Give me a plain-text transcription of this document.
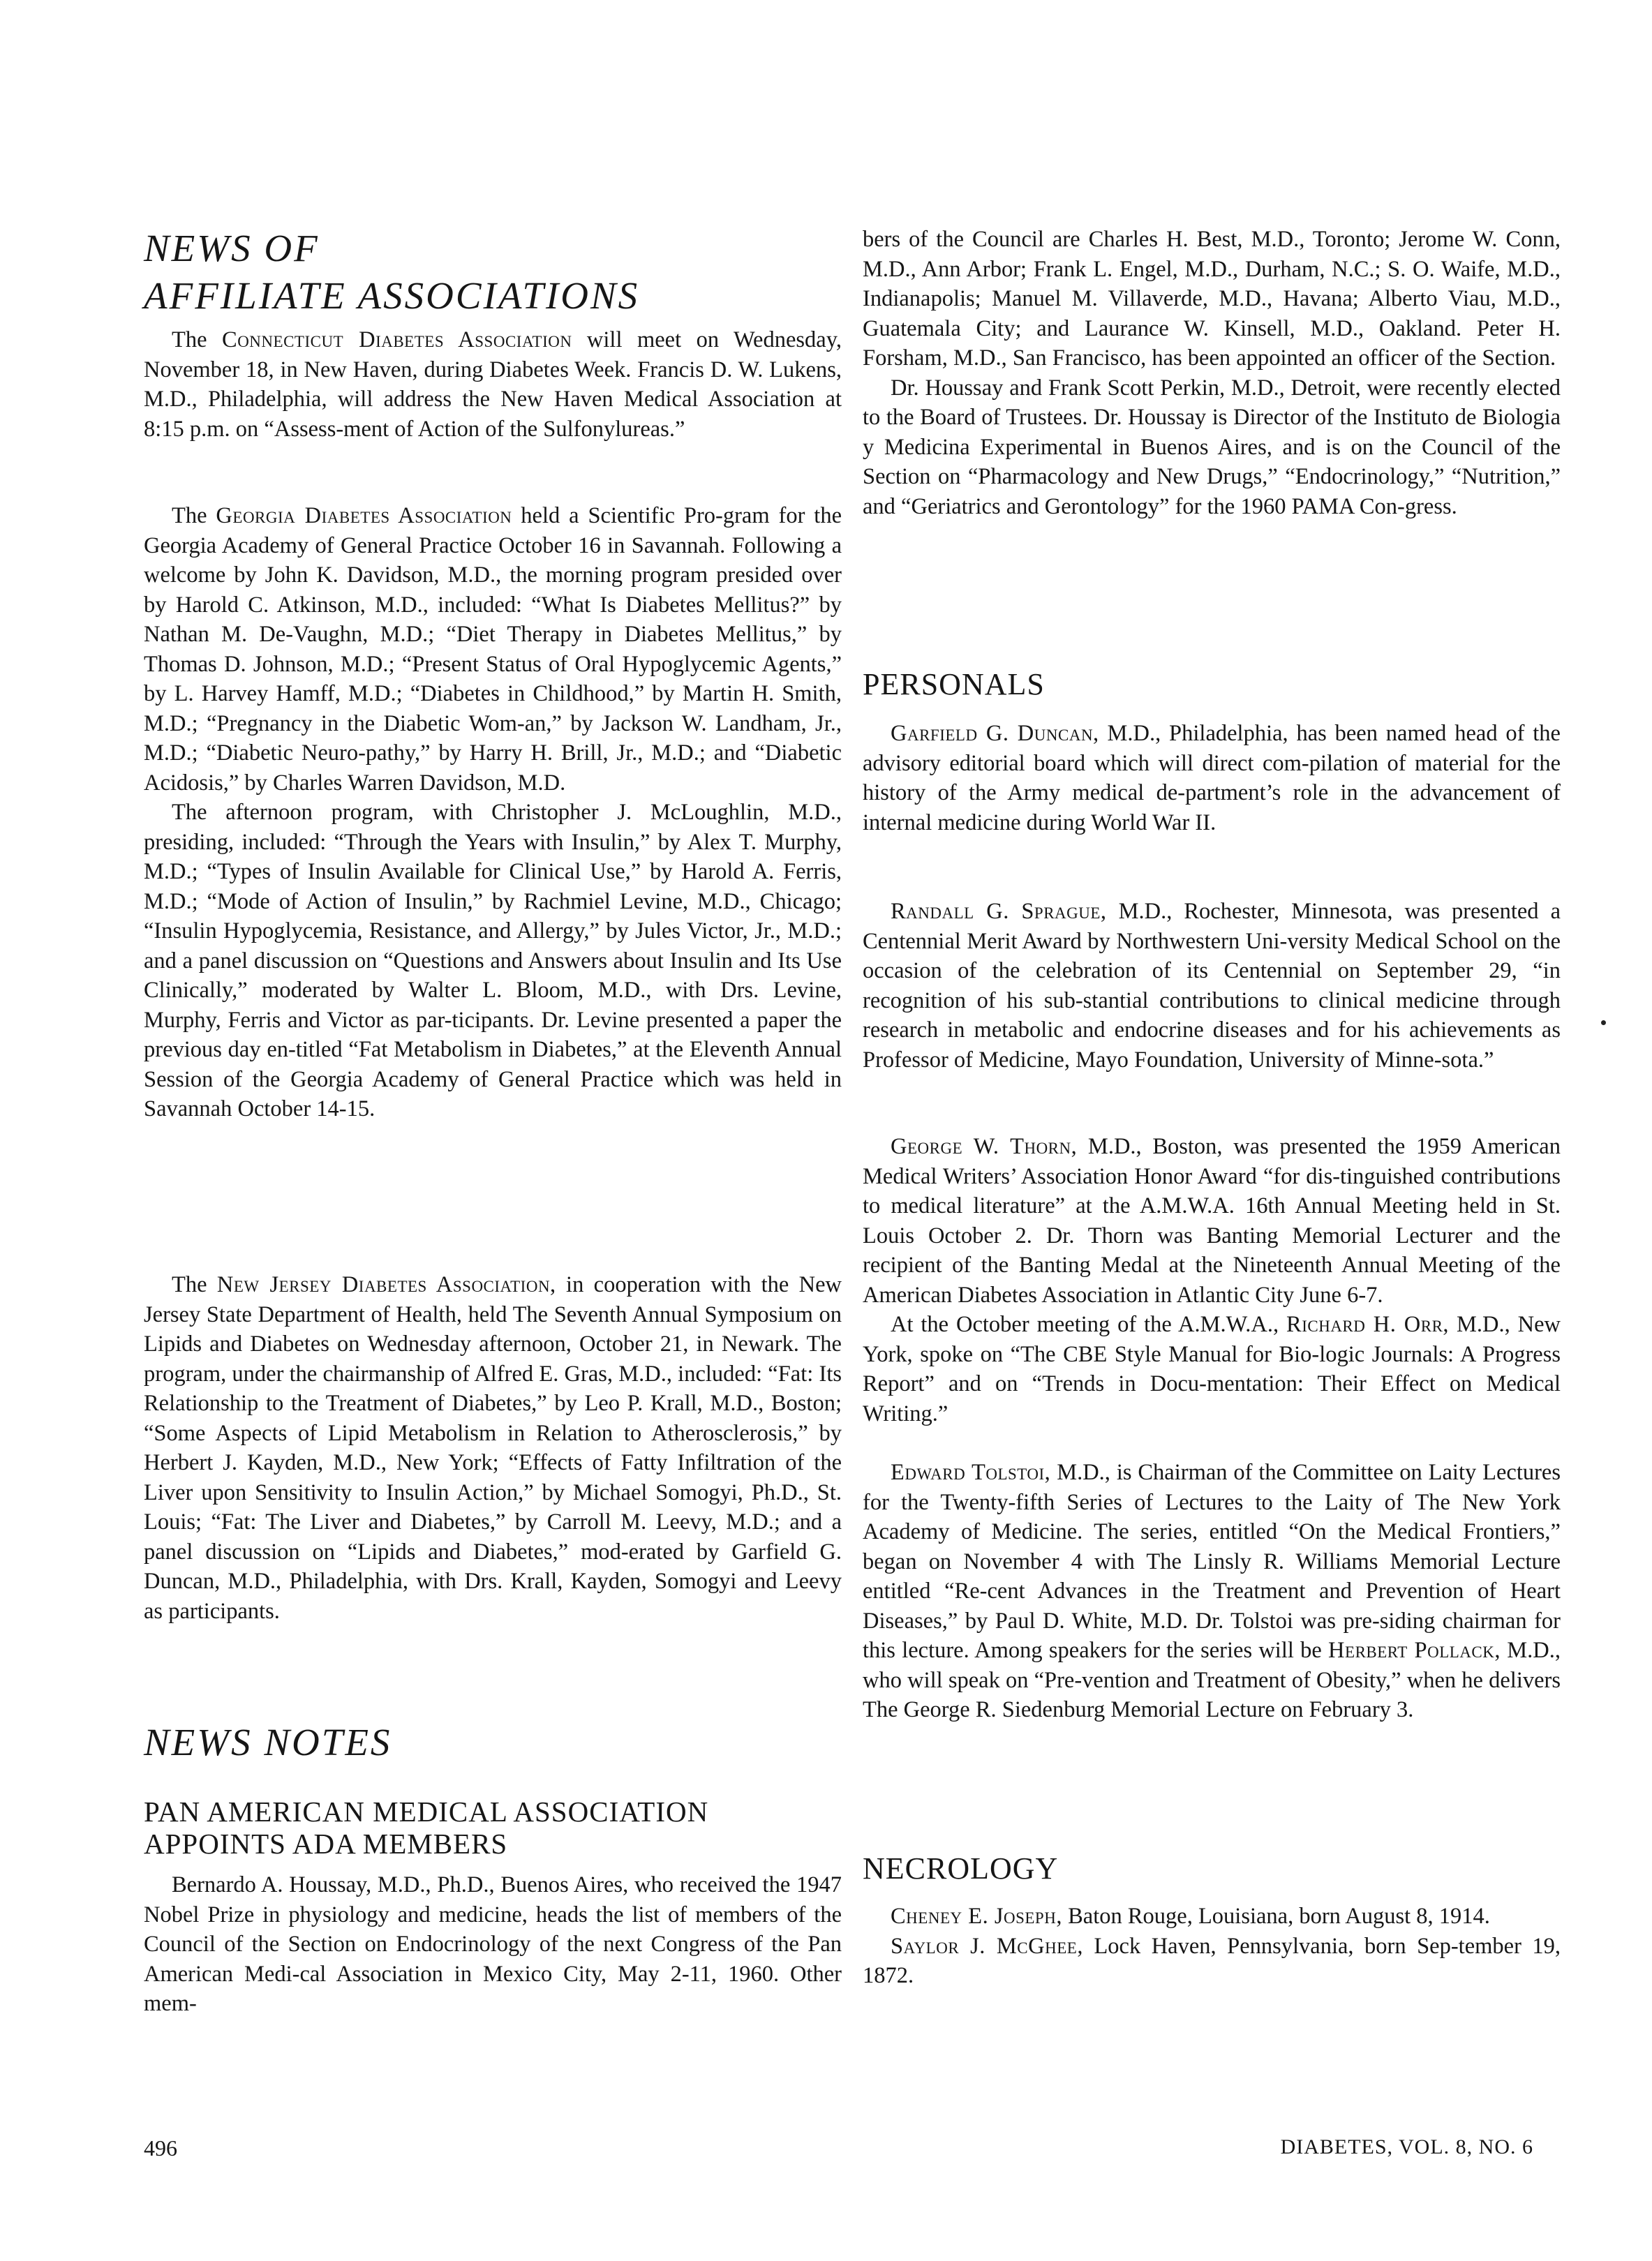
NEWS OF
AFFILIATE ASSOCIATIONS

The Connecticut Diabetes Association will meet on Wednesday, November 18, in New Haven, during Diabetes Week. Francis D. W. Lukens, M.D., Philadelphia, will address the New Haven Medical Association at 8:15 p.m. on “Assess-ment of Action of the Sulfonylureas.”

The Georgia Diabetes Association held a Scientific Pro-gram for the Georgia Academy of General Practice October 16 in Savannah. Following a welcome by John K. Davidson, M.D., the morning program presided over by Harold C. Atkinson, M.D., included: “What Is Diabetes Mellitus?” by Nathan M. De-Vaughn, M.D.; “Diet Therapy in Diabetes Mellitus,” by Thomas D. Johnson, M.D.; “Present Status of Oral Hypoglycemic Agents,” by L. Harvey Hamff, M.D.; “Diabetes in Childhood,” by Martin H. Smith, M.D.; “Pregnancy in the Diabetic Wom-an,” by Jackson W. Landham, Jr., M.D.; “Diabetic Neuro-pathy,” by Harry H. Brill, Jr., M.D.; and “Diabetic Acidosis,” by Charles Warren Davidson, M.D.

The afternoon program, with Christopher J. McLoughlin, M.D., presiding, included: “Through the Years with Insulin,” by Alex T. Murphy, M.D.; “Types of Insulin Available for Clinical Use,” by Harold A. Ferris, M.D.; “Mode of Action of Insulin,” by Rachmiel Levine, M.D., Chicago; “Insulin Hypoglycemia, Resistance, and Allergy,” by Jules Victor, Jr., M.D.; and a panel discussion on “Questions and Answers about Insulin and Its Use Clinically,” moderated by Walter L. Bloom, M.D., with Drs. Levine, Murphy, Ferris and Victor as par-ticipants. Dr. Levine presented a paper the previous day en-titled “Fat Metabolism in Diabetes,” at the Eleventh Annual Session of the Georgia Academy of General Practice which was held in Savannah October 14-15.

The New Jersey Diabetes Association, in cooperation with the New Jersey State Department of Health, held The Seventh Annual Symposium on Lipids and Diabetes on Wednesday afternoon, October 21, in Newark. The program, under the chairmanship of Alfred E. Gras, M.D., included: “Fat: Its Relationship to the Treatment of Diabetes,” by Leo P. Krall, M.D., Boston; “Some Aspects of Lipid Metabolism in Relation to Atherosclerosis,” by Herbert J. Kayden, M.D., New York; “Effects of Fatty Infiltration of the Liver upon Sensitivity to Insulin Action,” by Michael Somogyi, Ph.D., St. Louis; “Fat: The Liver and Diabetes,” by Carroll M. Leevy, M.D.; and a panel discussion on “Lipids and Diabetes,” mod-erated by Garfield G. Duncan, M.D., Philadelphia, with Drs. Krall, Kayden, Somogyi and Leevy as participants.

NEWS NOTES
PAN AMERICAN MEDICAL ASSOCIATION
APPOINTS ADA MEMBERS

Bernardo A. Houssay, M.D., Ph.D., Buenos Aires, who received the 1947 Nobel Prize in physiology and medicine, heads the list of members of the Council of the Section on Endocrinology of the next Congress of the Pan American Medi-cal Association in Mexico City, May 2-11, 1960. Other mem-

bers of the Council are Charles H. Best, M.D., Toronto; Jerome W. Conn, M.D., Ann Arbor; Frank L. Engel, M.D., Durham, N.C.; S. O. Waife, M.D., Indianapolis; Manuel M. Villaverde, M.D., Havana; Alberto Viau, M.D., Guatemala City; and Laurance W. Kinsell, M.D., Oakland. Peter H. Forsham, M.D., San Francisco, has been appointed an officer of the Section.

Dr. Houssay and Frank Scott Perkin, M.D., Detroit, were recently elected to the Board of Trustees. Dr. Houssay is Director of the Instituto de Biologia y Medicina Experimental in Buenos Aires, and is on the Council of the Section on “Pharmacology and New Drugs,” “Endocrinology,” “Nutrition,” and “Geriatrics and Gerontology” for the 1960 PAMA Con-gress.

PERSONALS

Garfield G. Duncan, M.D., Philadelphia, has been named head of the advisory editorial board which will direct com-pilation of material for the history of the Army medical de-partment’s role in the advancement of internal medicine during World War II.

Randall G. Sprague, M.D., Rochester, Minnesota, was presented a Centennial Merit Award by Northwestern Uni-versity Medical School on the occasion of the celebration of its Centennial on September 29, “in recognition of his sub-stantial contributions to clinical medicine through research in metabolic and endocrine diseases and for his achievements as Professor of Medicine, Mayo Foundation, University of Minne-sota.”

George W. Thorn, M.D., Boston, was presented the 1959 American Medical Writers’ Association Honor Award “for dis-tinguished contributions to medical literature” at the A.M.W.A. 16th Annual Meeting held in St. Louis October 2. Dr. Thorn was Banting Memorial Lecturer and the recipient of the Banting Medal at the Nineteenth Annual Meeting of the American Diabetes Association in Atlantic City June 6-7.

At the October meeting of the A.M.W.A., Richard H. Orr, M.D., New York, spoke on “The CBE Style Manual for Bio-logic Journals: A Progress Report” and on “Trends in Docu-mentation: Their Effect on Medical Writing.”

Edward Tolstoi, M.D., is Chairman of the Committee on Laity Lectures for the Twenty-fifth Series of Lectures to the Laity of The New York Academy of Medicine. The series, entitled “On the Medical Frontiers,” began on November 4 with The Linsly R. Williams Memorial Lecture entitled “Re-cent Advances in the Treatment and Prevention of Heart Diseases,” by Paul D. White, M.D. Dr. Tolstoi was pre-siding chairman for this lecture. Among speakers for the series will be Herbert Pollack, M.D., who will speak on “Pre-vention and Treatment of Obesity,” when he delivers The George R. Siedenburg Memorial Lecture on February 3.

NECROLOGY

Cheney E. Joseph, Baton Rouge, Louisiana, born August 8, 1914.

Saylor J. McGhee, Lock Haven, Pennsylvania, born Sep-tember 19, 1872.

496	DIABETES, VOL. 8, NO. 6
